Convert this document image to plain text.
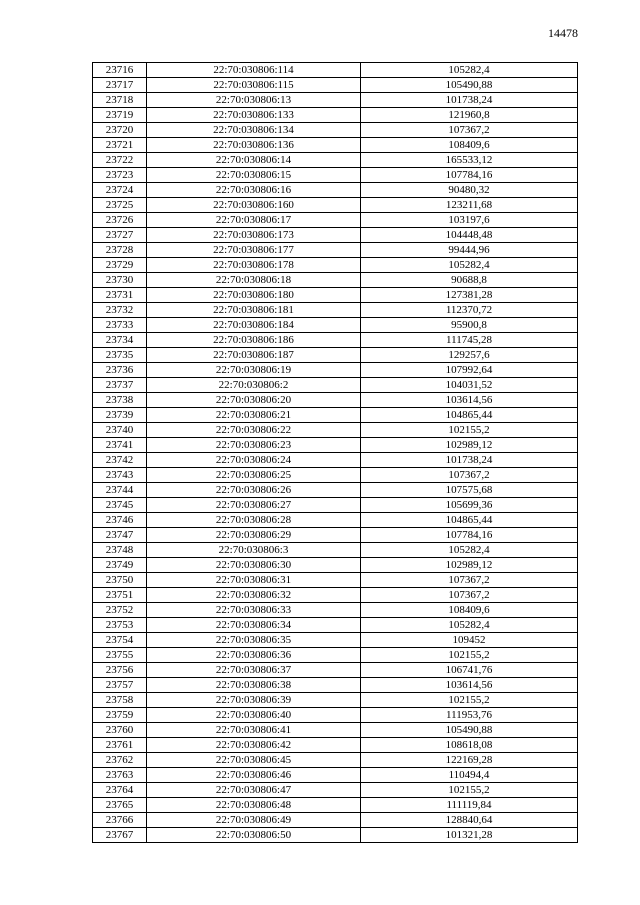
14478
23716	22:70:030806:114	105282,4
23717	22:70:030806:115	105490,88
23718	22:70:030806:13	101738,24
23719	22:70:030806:133	121960,8
23720	22:70:030806:134	107367,2
23721	22:70:030806:136	108409,6
23722	22:70:030806:14	165533,12
23723	22:70:030806:15	107784,16
23724	22:70:030806:16	90480,32
23725	22:70:030806:160	123211,68
23726	22:70:030806:17	103197,6
23727	22:70:030806:173	104448,48
23728	22:70:030806:177	99444,96
23729	22:70:030806:178	105282,4
23730	22:70:030806:18	90688,8
23731	22:70:030806:180	127381,28
23732	22:70:030806:181	112370,72
23733	22:70:030806:184	95900,8
23734	22:70:030806:186	111745,28
23735	22:70:030806:187	129257,6
23736	22:70:030806:19	107992,64
23737	22:70:030806:2	104031,52
23738	22:70:030806:20	103614,56
23739	22:70:030806:21	104865,44
23740	22:70:030806:22	102155,2
23741	22:70:030806:23	102989,12
23742	22:70:030806:24	101738,24
23743	22:70:030806:25	107367,2
23744	22:70:030806:26	107575,68
23745	22:70:030806:27	105699,36
23746	22:70:030806:28	104865,44
23747	22:70:030806:29	107784,16
23748	22:70:030806:3	105282,4
23749	22:70:030806:30	102989,12
23750	22:70:030806:31	107367,2
23751	22:70:030806:32	107367,2
23752	22:70:030806:33	108409,6
23753	22:70:030806:34	105282,4
23754	22:70:030806:35	109452
23755	22:70:030806:36	102155,2
23756	22:70:030806:37	106741,76
23757	22:70:030806:38	103614,56
23758	22:70:030806:39	102155,2
23759	22:70:030806:40	111953,76
23760	22:70:030806:41	105490,88
23761	22:70:030806:42	108618,08
23762	22:70:030806:45	122169,28
23763	22:70:030806:46	110494,4
23764	22:70:030806:47	102155,2
23765	22:70:030806:48	111119,84
23766	22:70:030806:49	128840,64
23767	22:70:030806:50	101321,28
